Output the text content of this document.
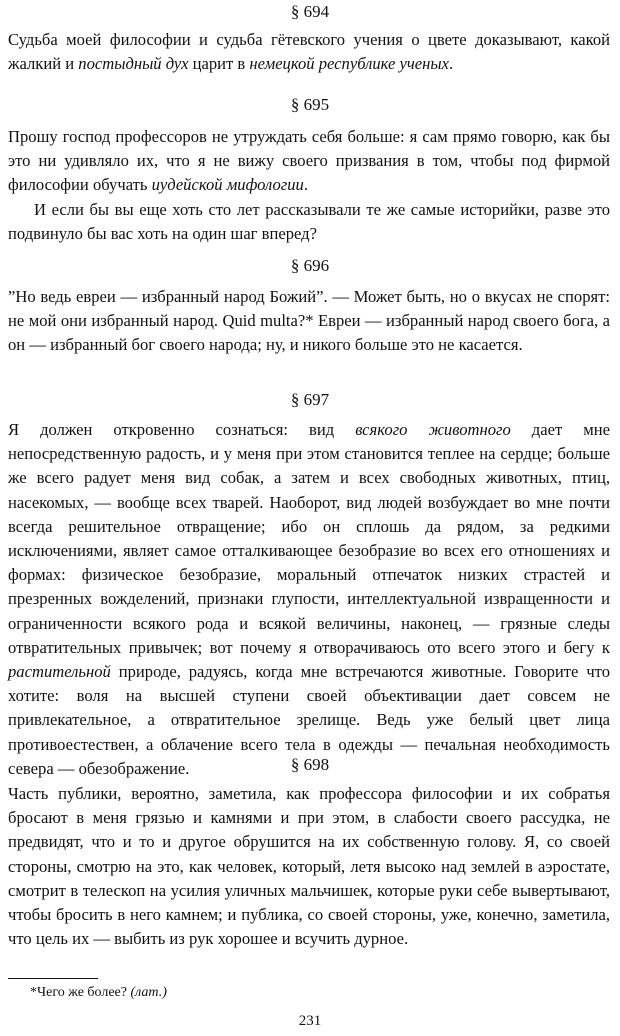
§ 694

Судьба моей философии и судьба гётевского учения о цвете доказывают, какой жалкий и постыдный дух царит в немецкой республике ученых.

§ 695

Прошу господ профессоров не утруждать себя больше: я сам прямо говорю, как бы это ни удивляло их, что я не вижу своего призвания в том, чтобы под фирмой философии обучать иудейской мифологии.

И если бы вы еще хоть сто лет рассказывали те же самые историйки, разве это подвинуло бы вас хоть на один шаг вперед?

§ 696

”Но ведь евреи — избранный народ Божий”. — Может быть, но о вкусах не спорят: не мой они избранный народ. Quid multa?* Евреи — избранный народ своего бога, а он — избранный бог своего народа; ну, и никого больше это не касается.

§ 697

Я должен откровенно сознаться: вид всякого животного дает мне непосредственную радость, и у меня при этом становится теплее на сердце; больше же всего радует меня вид собак, а затем и всех свободных животных, птиц, насекомых, — вообще всех тварей. Наоборот, вид людей возбуждает во мне почти всегда решительное отвращение; ибо он сплошь да рядом, за редкими исключениями, являет самое отталкивающее безобразие во всех его отношениях и формах: физическое безобразие, моральный отпечаток низких страстей и презренных вожделений, признаки глупости, интеллектуальной извращенности и ограниченности всякого рода и всякой величины, наконец, — грязные следы отвратительных привычек; вот почему я отворачиваюсь ото всего этого и бегу к растительной природе, радуясь, когда мне встречаются животные. Говорите что хотите: воля на высшей ступени своей объективации дает совсем не привлекательное, а отвратительное зрелище. Ведь уже белый цвет лица противоестествен, а облачение всего тела в одежды — печальная необходимость севера — обезображение.	§ 698

Часть публики, вероятно, заметила, как профессора философии и их собратья бросают в меня грязью и камнями и при этом, в слабости своего рассудка, не предвидят, что и то и другое обрушится на их собственную голову. Я, со своей стороны, смотрю на это, как человек, который, летя высоко над землей в аэростате, смотрит в телескоп на усилия уличных мальчишек, которые руки себе вывертывают, чтобы бросить в него камнем; и публика, со своей стороны, уже, конечно, заметила, что цель их — выбить из рук хорошее и всучить дурное.

*Чего же более? (лат.)
231
